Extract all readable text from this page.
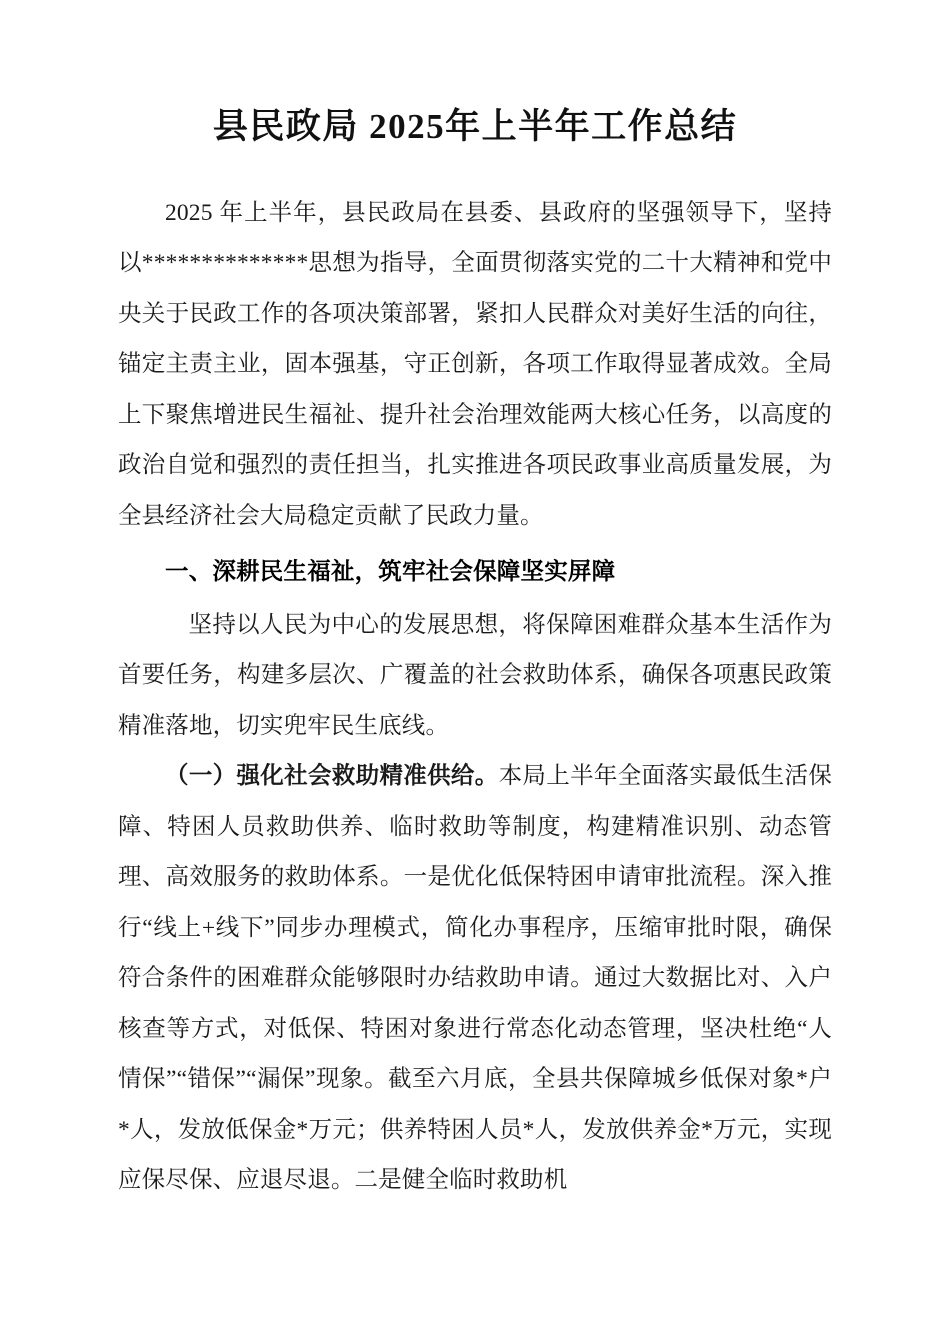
县民政局 2025年上半年工作总结

2025 年上半年，县民政局在县委、县政府的坚强领导下，坚持以**************思想为指导，全面贯彻落实党的二十大精神和党中央关于民政工作的各项决策部署，紧扣人民群众对美好生活的向往，锚定主责主业，固本强基，守正创新，各项工作取得显著成效。全局上下聚焦增进民生福祉、提升社会治理效能两大核心任务，以高度的政治自觉和强烈的责任担当，扎实推进各项民政事业高质量发展，为全县经济社会大局稳定贡献了民政力量。

一、深耕民生福祉，筑牢社会保障坚实屏障

坚持以人民为中心的发展思想，将保障困难群众基本生活作为首要任务，构建多层次、广覆盖的社会救助体系，确保各项惠民政策精准落地，切实兜牢民生底线。

（一）强化社会救助精准供给。本局上半年全面落实最低生活保障、特困人员救助供养、临时救助等制度，构建精准识别、动态管理、高效服务的救助体系。一是优化低保特困申请审批流程。深入推行“线上+线下”同步办理模式，简化办事程序，压缩审批时限，确保符合条件的困难群众能够限时办结救助申请。通过大数据比对、入户核查等方式，对低保、特困对象进行常态化动态管理，坚决杜绝“人情保”“错保”“漏保”现象。截至六月底，全县共保障城乡低保对象*户*人，发放低保金*万元；供养特困人员*人，发放供养金*万元，实现应保尽保、应退尽退。二是健全临时救助机
